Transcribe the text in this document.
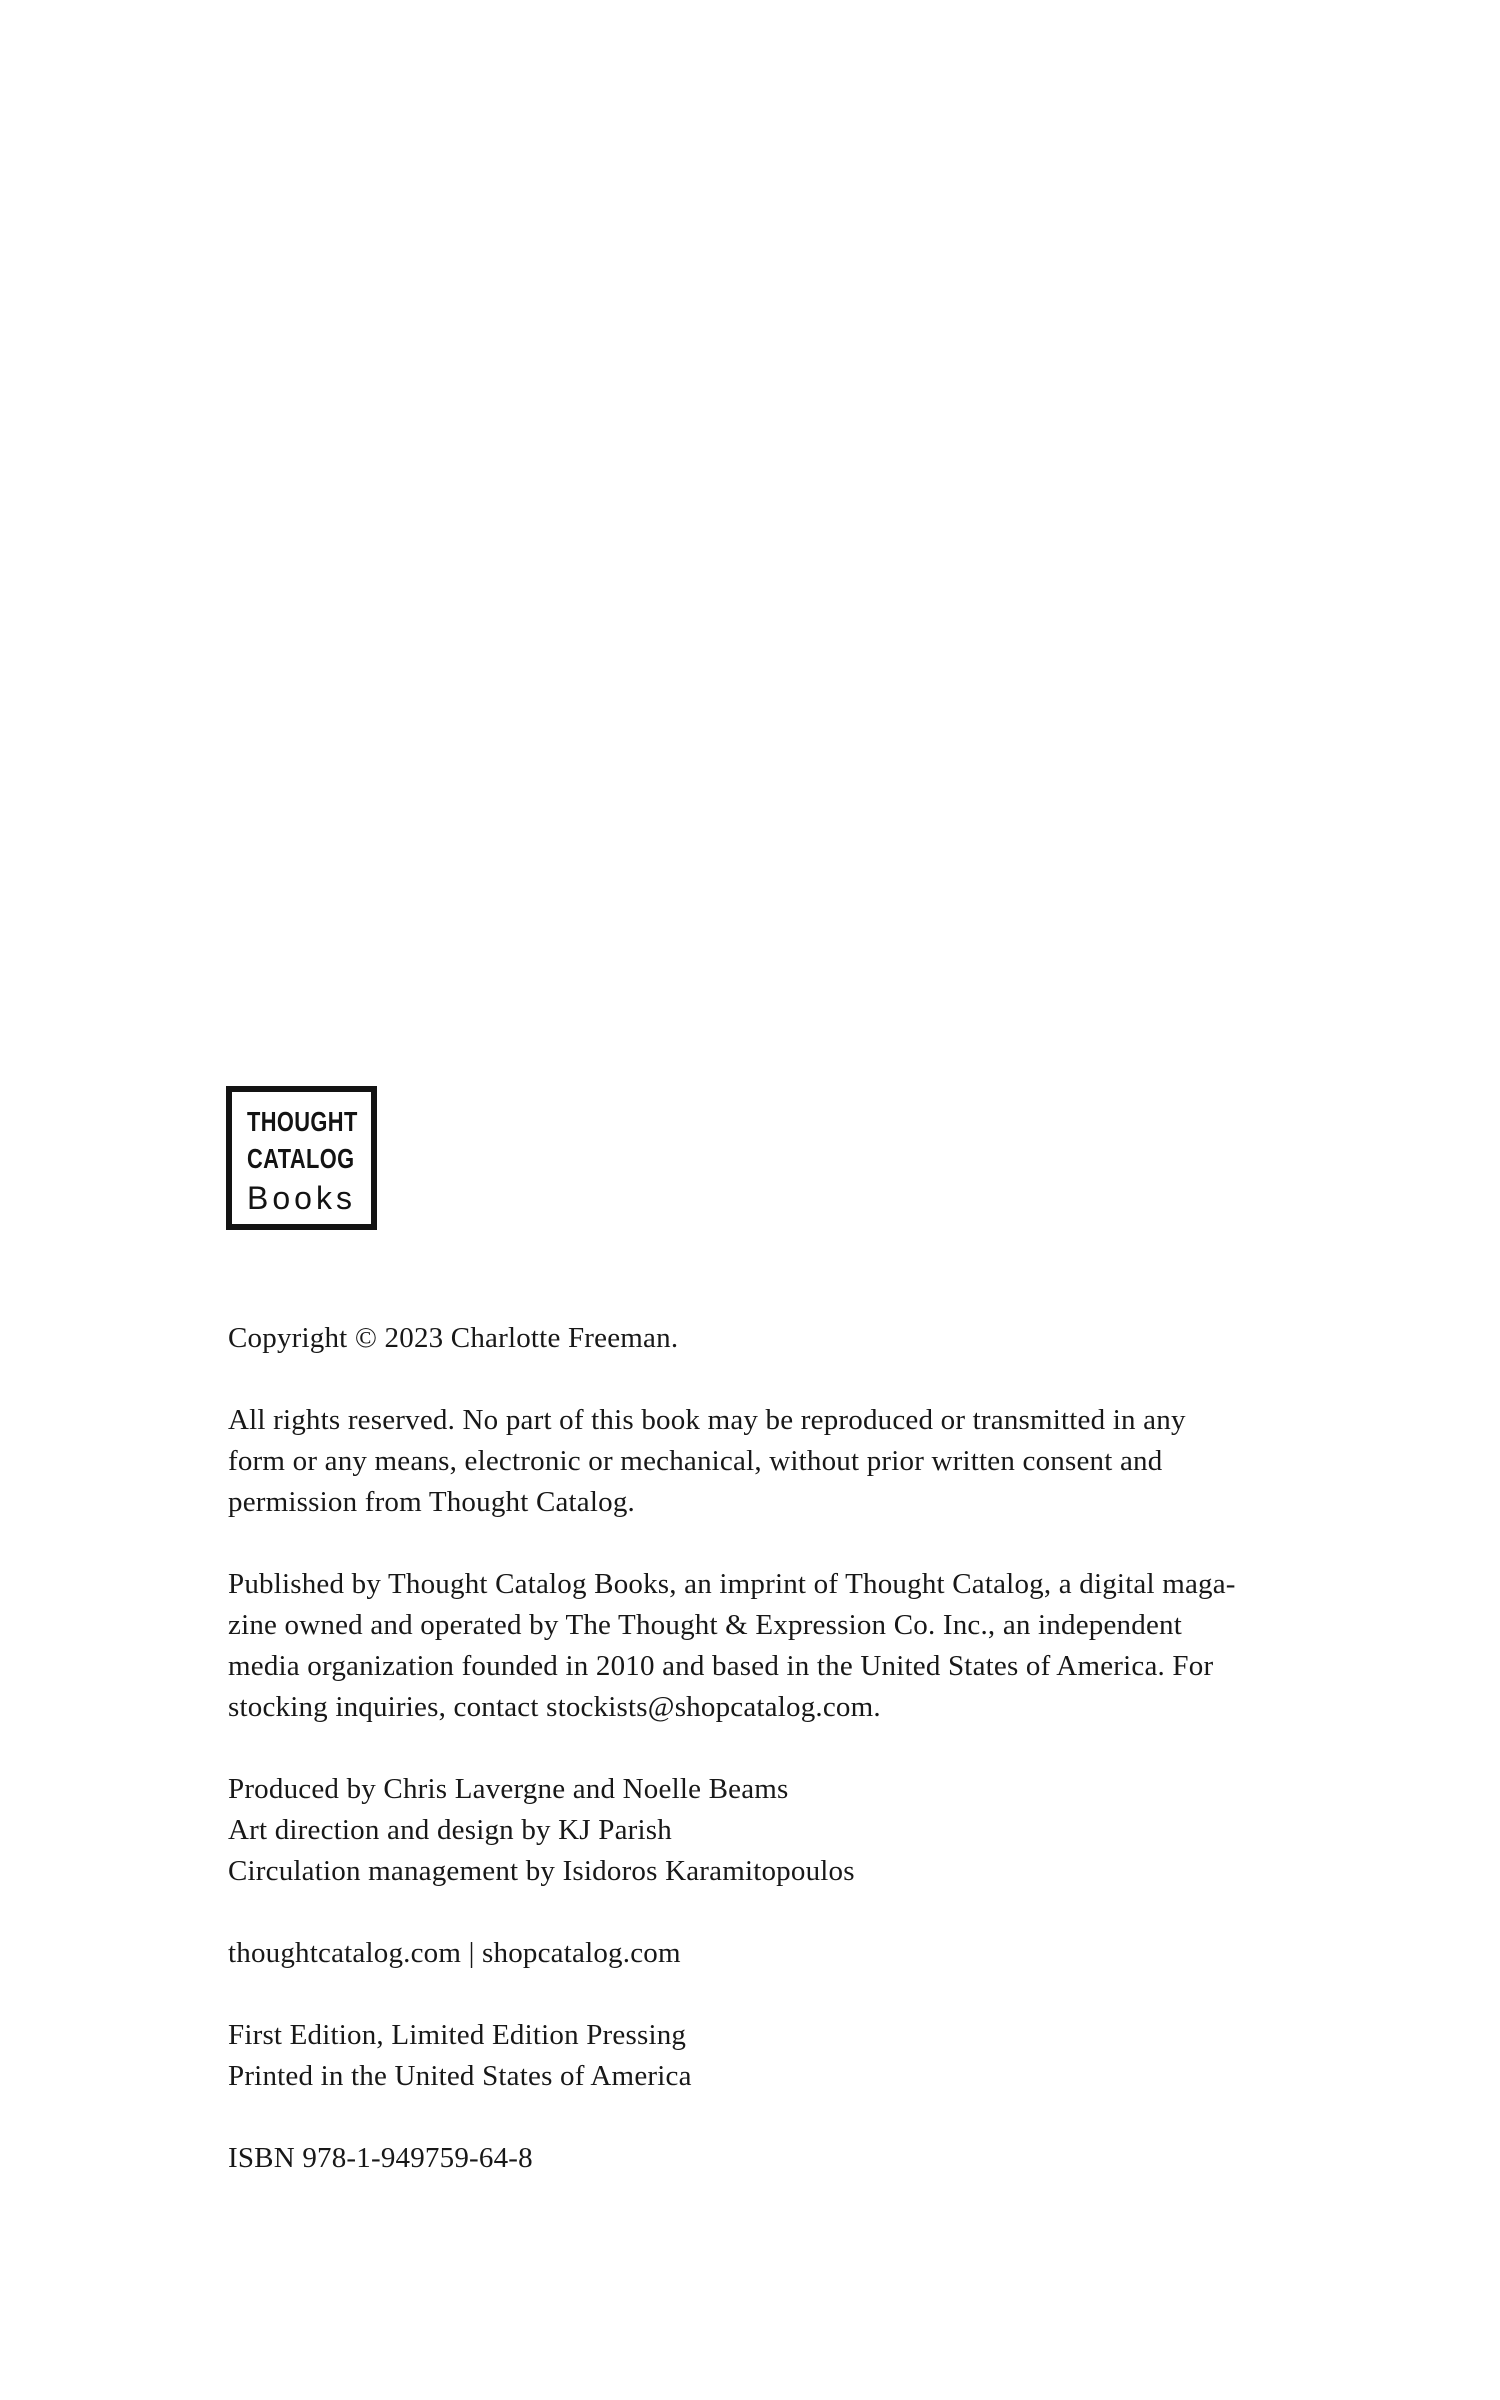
THOUGHT
CATALOG
Books

Copyright © 2023 Charlotte Freeman.

All rights reserved. No part of this book may be reproduced or transmitted in any
form or any means, electronic or mechanical, without prior written consent and
permission from Thought Catalog.

Published by Thought Catalog Books, an imprint of Thought Catalog, a digital maga-
zine owned and operated by The Thought & Expression Co. Inc., an independent
media organization founded in 2010 and based in the United States of America. For
stocking inquiries, contact stockists@shopcatalog.com.

Produced by Chris Lavergne and Noelle Beams
Art direction and design by KJ Parish
Circulation management by Isidoros Karamitopoulos

thoughtcatalog.com | shopcatalog.com

First Edition, Limited Edition Pressing
Printed in the United States of America

ISBN 978-1-949759-64-8
